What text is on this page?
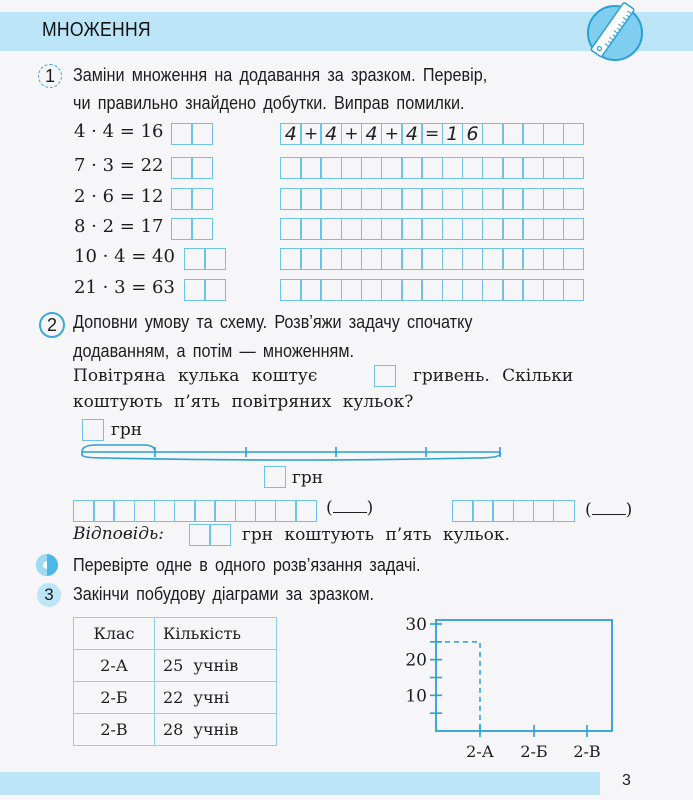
МНОЖЕННЯ
1	Заміни множення на додавання за зразком. Перевір,
чи правильно знайдено добутки. Виправ помилки.
4 · 4 = 16	4 + 4 + 4 + 4 = 1 6
7 · 3 = 22
2 · 6 = 12
8 · 2 = 17
10 · 4 = 40
21 · 3 = 63
2 Доповни умову та схему. Розв’яжи задачу спочатку
додаванням, а потім — множенням.
Повітряна кулька коштує	гривень. Скільки
коштують п’ять повітряних кульок?
грн
грн
( )	( )
Відповідь:	грн коштують п’ять кульок.
Перевірте одне в одного розв’язання задачі.
3	Закінчи побудову діаграми за зразком.
Клас	Кількість
2-А	25  учнів
2-Б	22  учні
2-В	28  учнів
10
20
30
2-А 2-Б 2-В
3
